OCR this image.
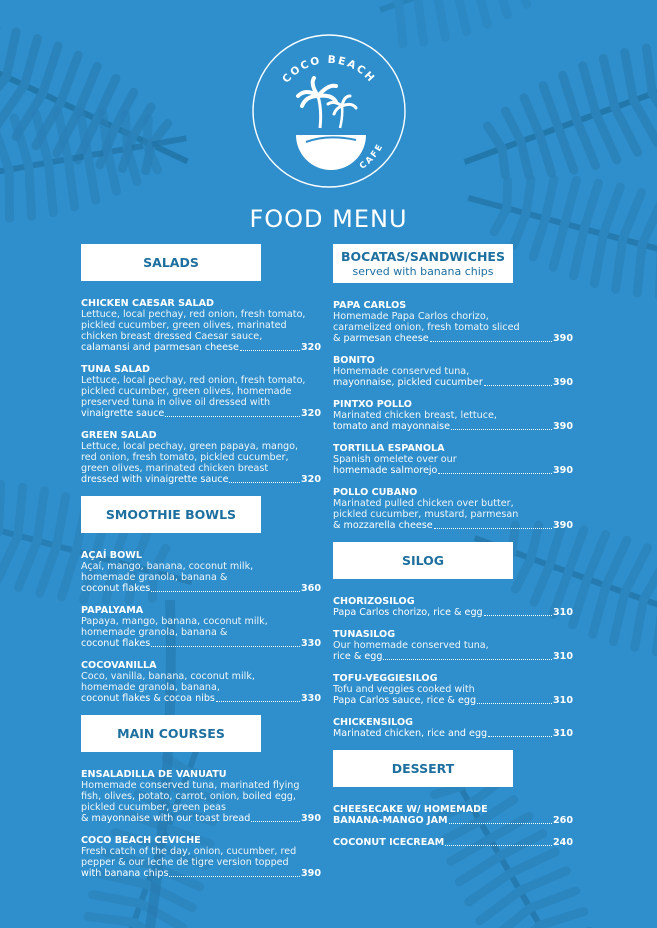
COCO BEACH
CAFE
FOOD MENU
SALADS
CHICKEN CAESAR SALAD
Lettuce, local pechay, red onion, fresh tomato,
pickled cucumber, green olives, marinated
chicken breast dressed Caesar sauce,
calamansi and parmesan cheese	320
TUNA SALAD
Lettuce, local pechay, red onion, fresh tomato,
pickled cucumber, green olives, homemade
preserved tuna in olive oil dressed with
vinaigrette sauce	320
GREEN SALAD
Lettuce, local pechay, green papaya, mango,
red onion, fresh tomato, pickled cucumber,
green olives, marinated chicken breast
dressed with vinaigrette sauce	320
SMOOTHIE BOWLS
AÇAÍ BOWL
Açaí, mango, banana, coconut milk,
homemade granola, banana &
coconut flakes	360
PAPALYAMA
Papaya, mango, banana, coconut milk,
homemade granola, banana &
coconut flakes	330
COCOVANILLA
Coco, vanilla, banana, coconut milk,
homemade granola, banana,
coconut flakes & cocoa nibs	330
MAIN COURSES
ENSALADILLA DE VANUATU
Homemade conserved tuna, marinated flying
fish, olives, potato, carrot, onion, boiled egg,
pickled cucumber, green peas
& mayonnaise with our toast bread	390
COCO BEACH CEVICHE
Fresh catch of the day, onion, cucumber, red
pepper & our leche de tigre version topped
with banana chips	390
BOCATAS/SANDWICHES
served with banana chips
PAPA CARLOS
Homemade Papa Carlos chorizo,
caramelized onion, fresh tomato sliced
& parmesan cheese	390
BONITO
Homemade conserved tuna,
mayonnaise, pickled cucumber	390
PINTXO POLLO
Marinated chicken breast, lettuce,
tomato and mayonnaise	390
TORTILLA ESPANOLA
Spanish omelete over our
homemade salmorejo	390
POLLO CUBANO
Marinated pulled chicken over butter,
pickled cucumber, mustard, parmesan
& mozzarella cheese	390
SILOG
CHORIZOSILOG
Papa Carlos chorizo, rice & egg	310
TUNASILOG
Our homemade conserved tuna,
rice & egg	310
TOFU-VEGGIESILOG
Tofu and veggies cooked with
Papa Carlos sauce, rice & egg	310
CHICKENSILOG
Marinated chicken, rice and egg	310
DESSERT
CHEESECAKE W/ HOMEMADE
BANANA-MANGO JAM	260
COCONUT ICECREAM	240
